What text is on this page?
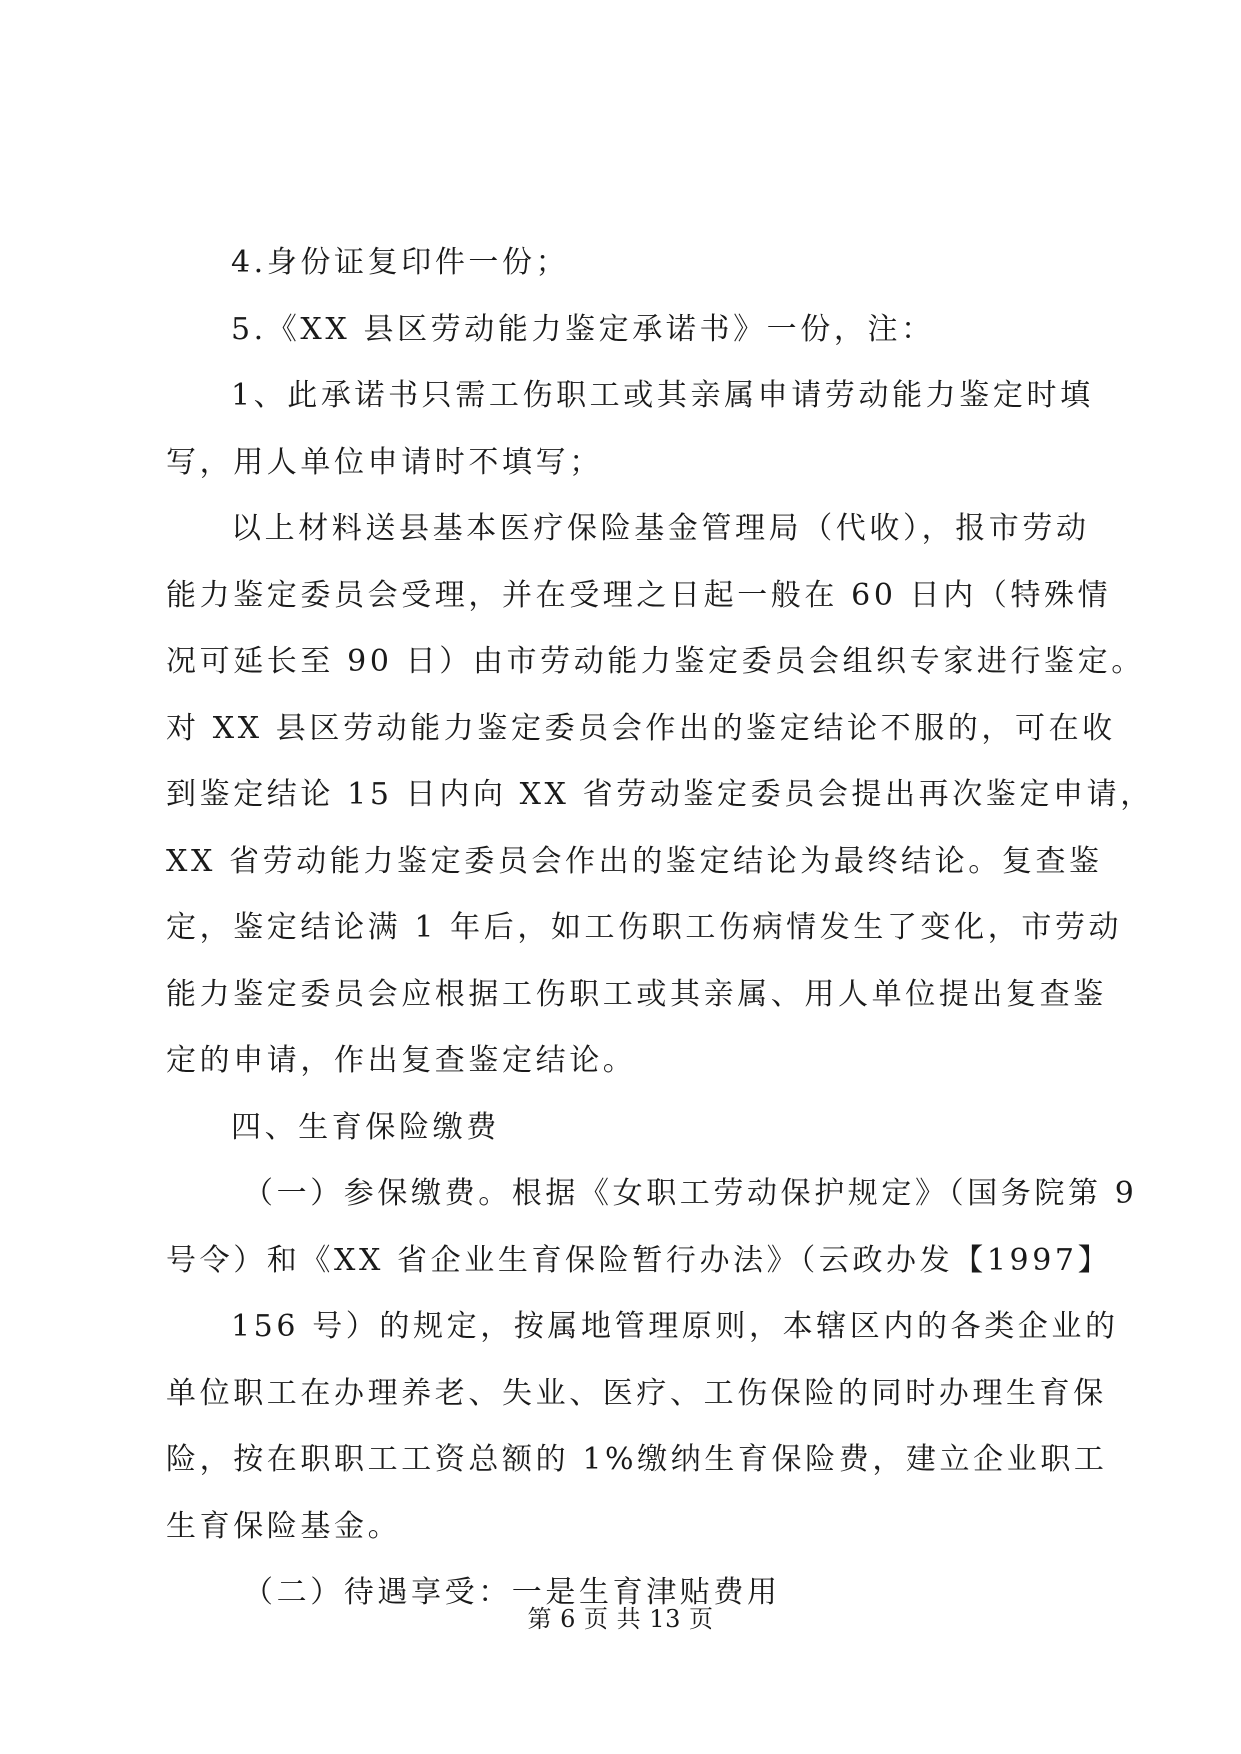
4.身份证复印件一份；
5.《XX 县区劳动能力鉴定承诺书》一份，注：
1、此承诺书只需工伤职工或其亲属申请劳动能力鉴定时填
写，用人单位申请时不填写；
以上材料送县基本医疗保险基金管理局（代收），报市劳动
能力鉴定委员会受理，并在受理之日起一般在 60 日内（特殊情
况可延长至 90 日）由市劳动能力鉴定委员会组织专家进行鉴定。
对 XX 县区劳动能力鉴定委员会作出的鉴定结论不服的，可在收
到鉴定结论 15 日内向 XX 省劳动鉴定委员会提出再次鉴定申请，
XX 省劳动能力鉴定委员会作出的鉴定结论为最终结论。复查鉴
定，鉴定结论满 1 年后，如工伤职工伤病情发生了变化，市劳动
能力鉴定委员会应根据工伤职工或其亲属、用人单位提出复查鉴
定的申请，作出复查鉴定结论。
四、生育保险缴费
（一）参保缴费。根据《女职工劳动保护规定》（国务院第 9
号令）和《XX 省企业生育保险暂行办法》（云政办发【1997】
156 号）的规定，按属地管理原则，本辖区内的各类企业的
单位职工在办理养老、失业、医疗、工伤保险的同时办理生育保
险，按在职职工工资总额的 1%缴纳生育保险费，建立企业职工
生育保险基金。
（二）待遇享受：一是生育津贴费用
第 6 页 共 13 页
